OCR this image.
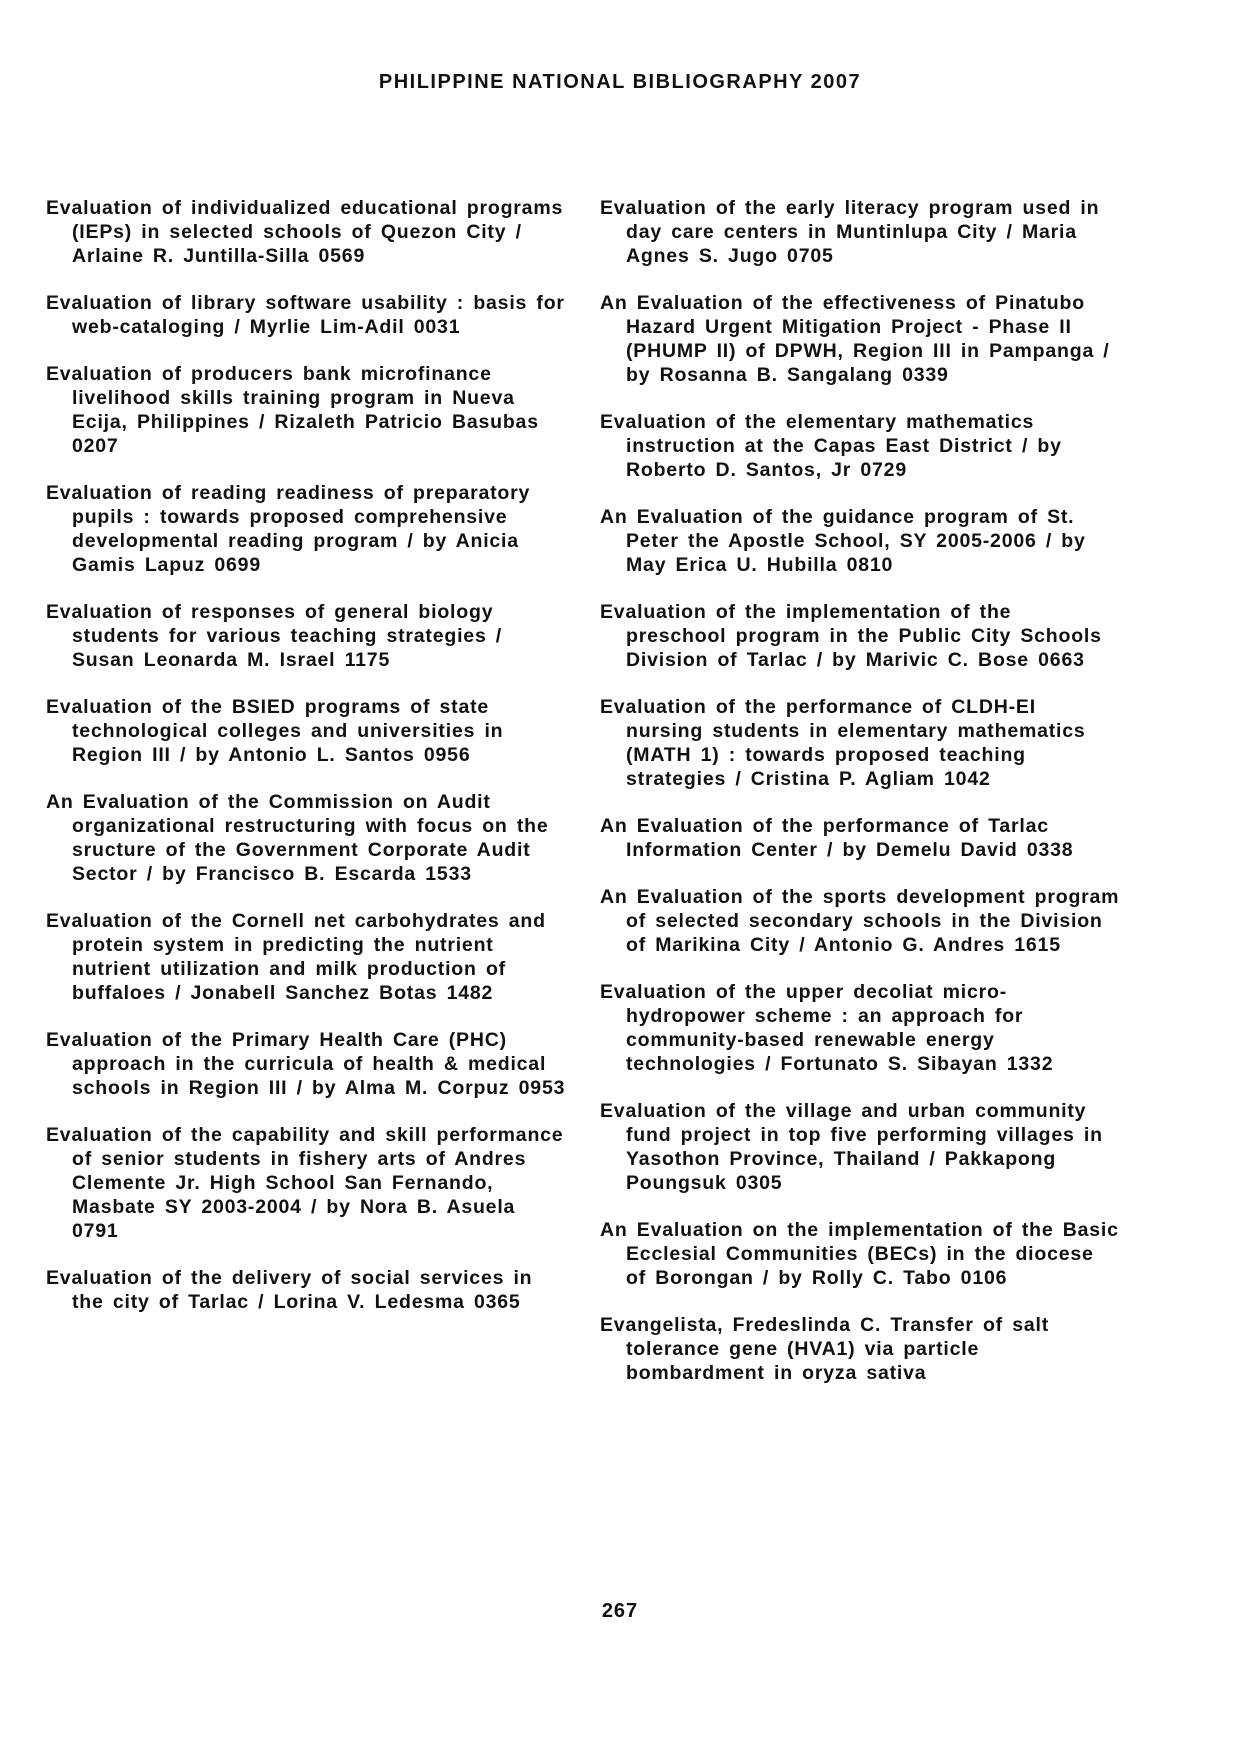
PHILIPPINE NATIONAL BIBLIOGRAPHY 2007

Evaluation of individualized educational programs (IEPs) in selected schools of Quezon City / Arlaine R. Juntilla-Silla 0569

Evaluation of library software usability : basis for web-cataloging / Myrlie Lim-Adil 0031

Evaluation of producers bank microfinance livelihood skills training program in Nueva Ecija, Philippines / Rizaleth Patricio Basubas 0207

Evaluation of reading readiness of preparatory pupils : towards proposed comprehensive developmental reading program / by Anicia Gamis Lapuz 0699

Evaluation of responses of general biology students for various teaching strategies / Susan Leonarda M. Israel 1175

Evaluation of the BSIED programs of state technological colleges and universities in Region III / by Antonio L. Santos 0956

An Evaluation of the Commission on Audit organizational restructuring with focus on the sructure of the Government Corporate Audit Sector / by Francisco B. Escarda 1533

Evaluation of the Cornell net carbohydrates and protein system in predicting the nutrient nutrient utilization and milk production of buffaloes / Jonabell Sanchez Botas 1482

Evaluation of the Primary Health Care (PHC) approach in the curricula of health & medical schools in Region III / by Alma M. Corpuz 0953

Evaluation of the capability and skill performance of senior students in fishery arts of Andres Clemente Jr. High School San Fernando, Masbate SY 2003-2004 / by Nora B. Asuela 0791

Evaluation of the delivery of social services in the city of Tarlac / Lorina V. Ledesma 0365

Evaluation of the early literacy program used in day care centers in Muntinlupa City / Maria Agnes S. Jugo 0705

An Evaluation of the effectiveness of Pinatubo Hazard Urgent Mitigation Project - Phase II (PHUMP II) of DPWH, Region III in Pampanga / by Rosanna B. Sangalang 0339

Evaluation of the elementary mathematics instruction at the Capas East District / by Roberto D. Santos, Jr 0729

An Evaluation of the guidance program of St. Peter the Apostle School, SY 2005-2006 / by May Erica U. Hubilla 0810

Evaluation of the implementation of the preschool program in the Public City Schools Division of Tarlac / by Marivic C. Bose 0663

Evaluation of the performance of CLDH-EI nursing students in elementary mathematics (MATH 1) : towards proposed teaching strategies / Cristina P. Agliam 1042

An Evaluation of the performance of Tarlac Information Center / by Demelu David 0338

An Evaluation of the sports development program of selected secondary schools in the Division of Marikina City / Antonio G. Andres 1615

Evaluation of the upper decoliat micro-hydropower scheme : an approach for community-based renewable energy technologies / Fortunato S. Sibayan 1332

Evaluation of the village and urban community fund project in top five performing villages in Yasothon Province, Thailand / Pakkapong Poungsuk 0305

An Evaluation on the implementation of the Basic Ecclesial Communities (BECs) in the diocese of Borongan / by Rolly C. Tabo 0106

Evangelista, Fredeslinda C. Transfer of salt tolerance gene (HVA1) via particle bombardment in oryza sativa

267
